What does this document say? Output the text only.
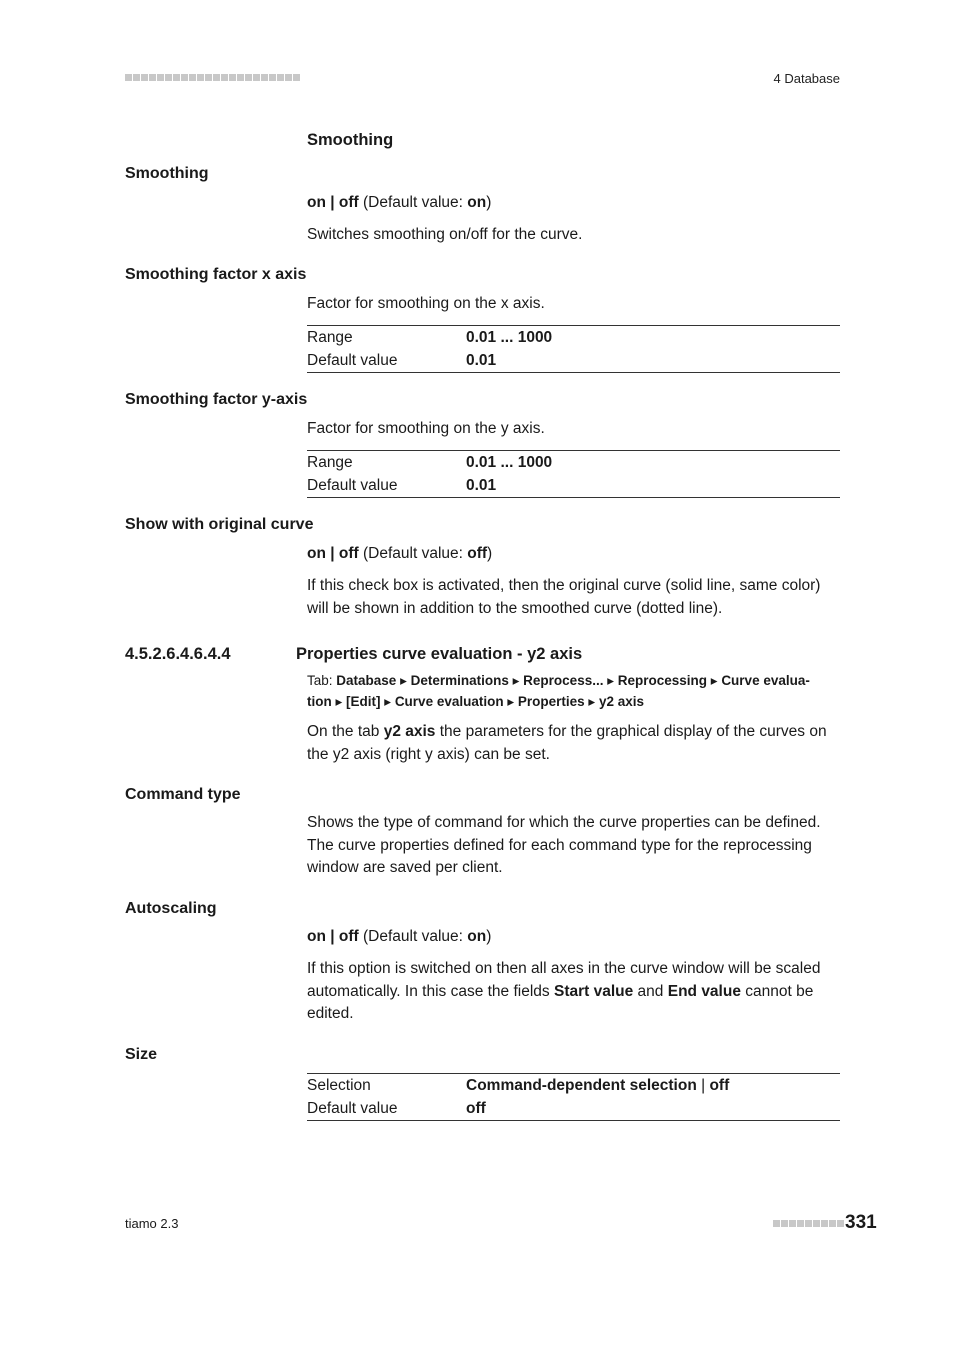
4 Database

Smoothing

Smoothing

on | off (Default value: on)

Switches smoothing on/off for the curve.

Smoothing factor x axis

Factor for smoothing on the x axis.

Range	0.01 ... 1000
Default value	0.01
Smoothing factor y-axis

Factor for smoothing on the y axis.

Range	0.01 ... 1000
Default value	0.01
Show with original curve

on | off (Default value: off)

If this check box is activated, then the original curve (solid line, same color) will be shown in addition to the smoothed curve (dotted line).

4.5.2.6.4.6.4.4	Properties curve evaluation - y2 axis

Tab: Database ▸ Determinations ▸ Reprocess... ▸ Reprocessing ▸ Curve evalua-
tion ▸ [Edit] ▸ Curve evaluation ▸ Properties ▸ y2 axis

On the tab y2 axis the parameters for the graphical display of the curves on the y2 axis (right y axis) can be set.

Command type

Shows the type of command for which the curve properties can be defined. The curve properties defined for each command type for the reprocessing window are saved per client.

Autoscaling

on | off (Default value: on)

If this option is switched on then all axes in the curve window will be scaled automatically. In this case the fields Start value and End value cannot be edited.

Size
Selection	Command-dependent selection | off
Default value	off
tiamo 2.3	331
